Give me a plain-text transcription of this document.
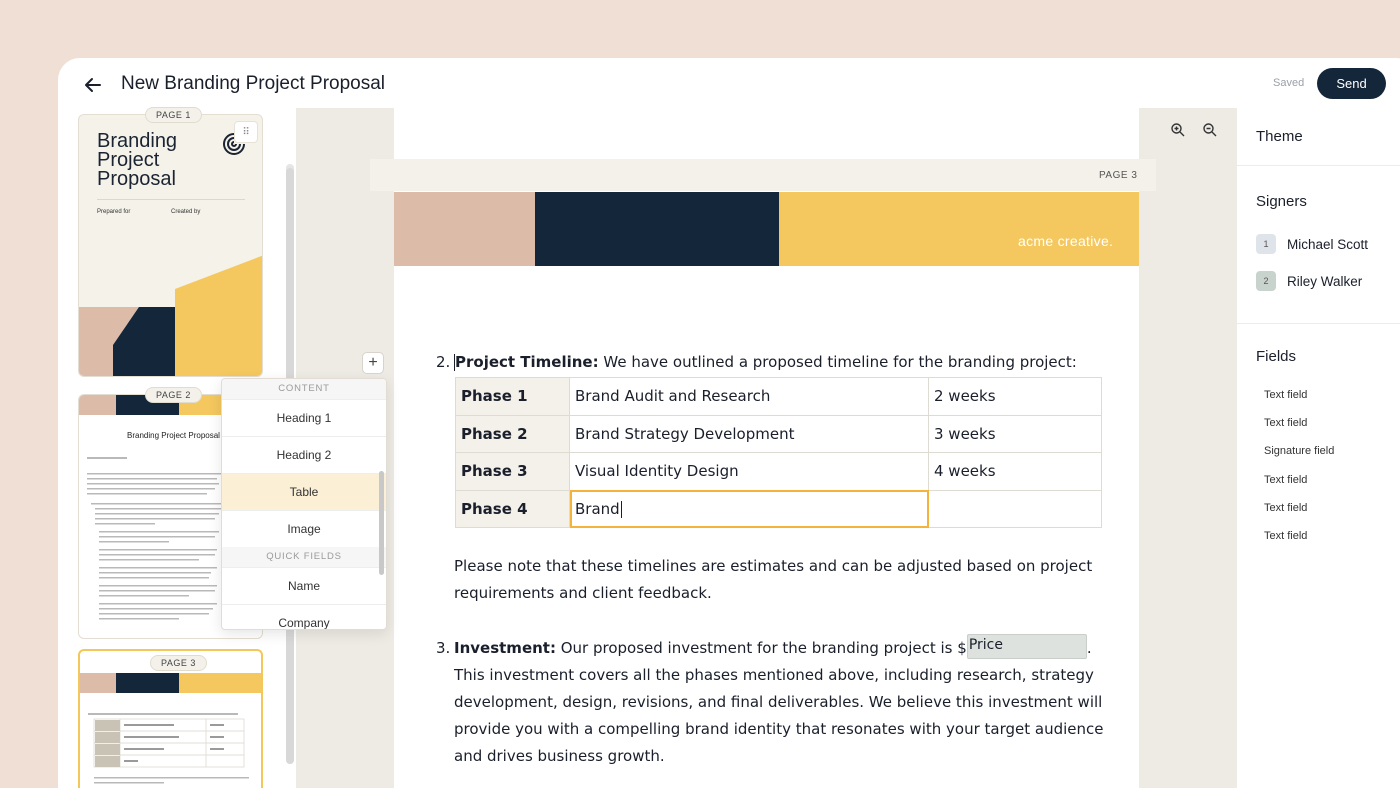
New Branding Project Proposal	Saved	Send
Branding
Project
Proposal
⠿
Prepared for	Created by
PAGE 1
Branding Project Proposal
PAGE 2
PAGE 3
PAGE 3
acme creative.
2. Project Timeline: We have outlined a proposed timeline for the branding project:
Phase 1	Brand Audit and Research	2 weeks
Phase 2	Brand Strategy Development	3 weeks
Phase 3	Visual Identity Design	4 weeks
Phase 4	Brand	
Please note that these timelines are estimates and can be adjusted based on project requirements and client feedback.
3. Investment: Our proposed investment for the branding project is $ Price	.
This investment covers all the phases mentioned above, including research, strategy development, design, revisions, and final deliverables. We believe this investment will provide you with a compelling brand identity that resonates with your target audience and drives business growth.
+
CONTENT
Heading 1
Heading 2
Table
Image
QUICK FIELDS
Name
Company
Theme
Signers
1	Michael Scott
2	Riley Walker
Fields
Text field
Text field
Signature field
Text field
Text field
Text field
